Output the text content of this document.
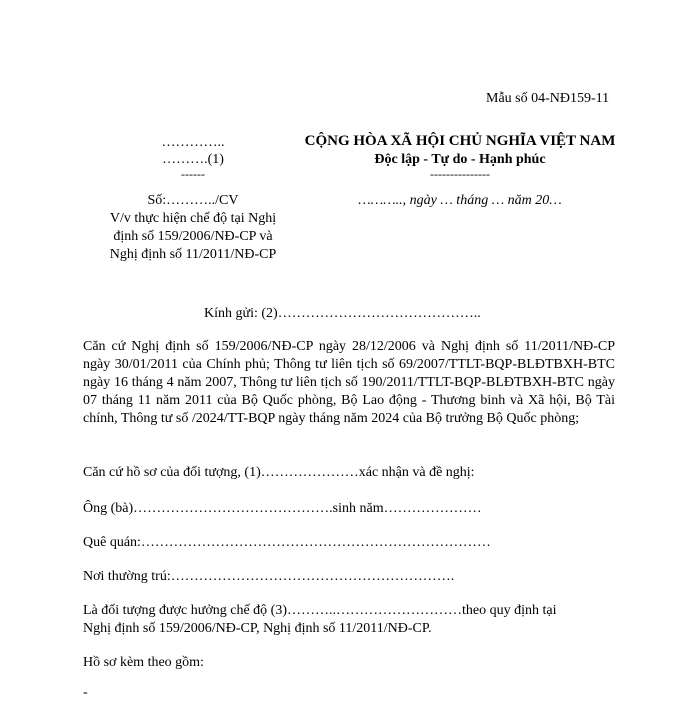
Mẫu số 04-NĐ159-11
…………..
……….(1)
------
Số:………../CV
V/v thực hiện chế độ tại Nghị
định số 159/2006/NĐ-CP và
Nghị định số 11/2011/NĐ-CP
CỘNG HÒA XÃ HỘI CHỦ NGHĨA VIỆT NAM
Độc lập - Tự do - Hạnh phúc
---------------
……….., ngày … tháng … năm 20…
Kính gửi: (2)……………………………………..
Căn cứ Nghị định số 159/2006/NĐ-CP ngày 28/12/2006 và Nghị định số 11/2011/NĐ-CP ngày 30/01/2011 của Chính phủ; Thông tư liên tịch số 69/2007/TTLT-BQP-BLĐTBXH-BTC ngày 16 tháng 4 năm 2007, Thông tư liên tịch số 190/2011/TTLT-BQP-BLĐTBXH-BTC ngày 07 tháng 11 năm 2011 của Bộ Quốc phòng, Bộ Lao động - Thương binh và Xã hội, Bộ Tài chính, Thông tư số /2024/TT-BQP ngày tháng năm 2024 của Bộ trưởng Bộ Quốc phòng;
Căn cứ hồ sơ của đối tượng, (1)…………………xác nhận và đề nghị:
Ông (bà)…………………………………….sinh năm…………………
Quê quán:…………………………………………………………………
Nơi thường trú:…………………………………………………….
Là đối tượng được hưởng chế độ (3)………..………………………theo quy định tại
Nghị định số 159/2006/NĐ-CP, Nghị định số 11/2011/NĐ-CP.
Hồ sơ kèm theo gồm:
-
